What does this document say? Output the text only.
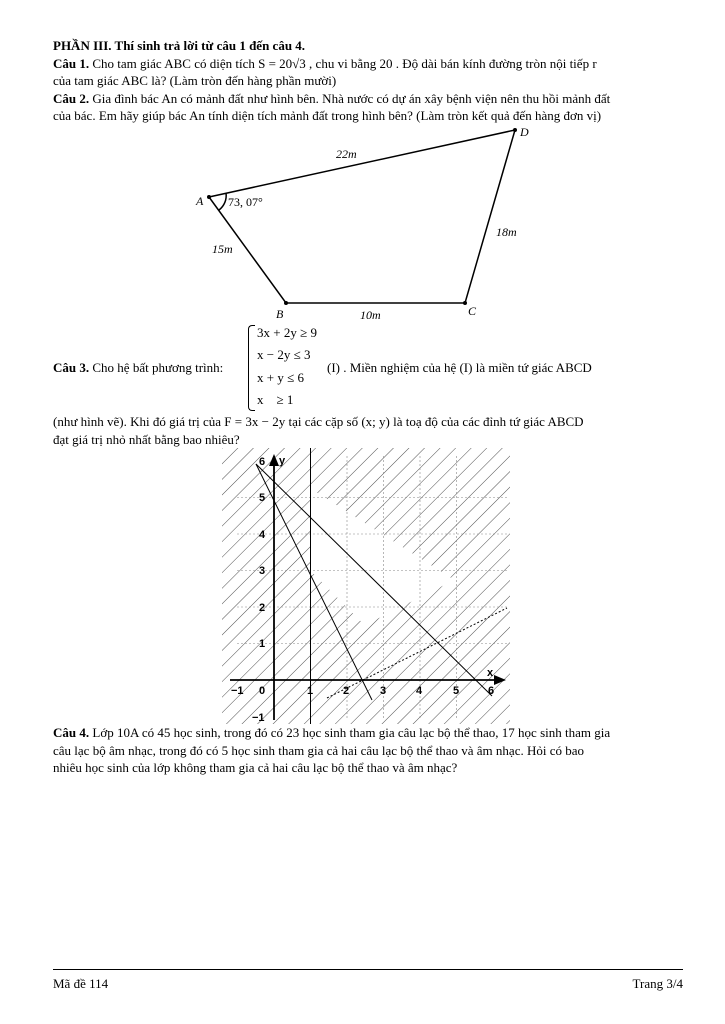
PHẦN III. Thí sinh trả lời từ câu 1 đến câu 4.
Câu 1. Cho tam giác ABC có diện tích S = 20√3 , chu vi bằng 20 . Độ dài bán kính đường tròn nội tiếp r
của tam giác ABC là? (Làm tròn đến hàng phần mười)
Câu 2. Gia đình bác An có mảnh đất như hình bên. Nhà nước có dự án xây bệnh viện nên thu hồi mảnh đất
của bác. Em hãy giúp bác An tính diện tích mảnh đất trong hình bên? (Làm tròn kết quả đến hàng đơn vị)
A
D
C
B
73, 07°
22m
15m
10m
18m
Câu 3. Cho hệ bất phương trình:
3x + 2y ≥ 9
x − 2y ≤ 3
x + y ≤ 6
x    ≥ 1
(I) . Miền nghiệm của hệ (I) là miền tứ giác ABCD
(như hình vẽ). Khi đó giá trị của F = 3x − 2y tại các cặp số (x; y) là toạ độ của các đỉnh tứ giác ABCD
đạt giá trị nhỏ nhất bằng bao nhiêu?
x
y
−1 0	1	2	3	4	5	6
−1
1
2
3
4
5
6
Câu 4. Lớp 10A có 45 học sinh, trong đó có 23 học sinh tham gia câu lạc bộ thể thao, 17 học sinh tham gia
câu lạc bộ âm nhạc, trong đó có 5 học sinh tham gia cả hai câu lạc bộ thể thao và âm nhạc. Hỏi có bao
nhiêu học sinh của lớp không tham gia cả hai câu lạc bộ thể thao và âm nhạc?
Mã đề 114	Trang 3/4
